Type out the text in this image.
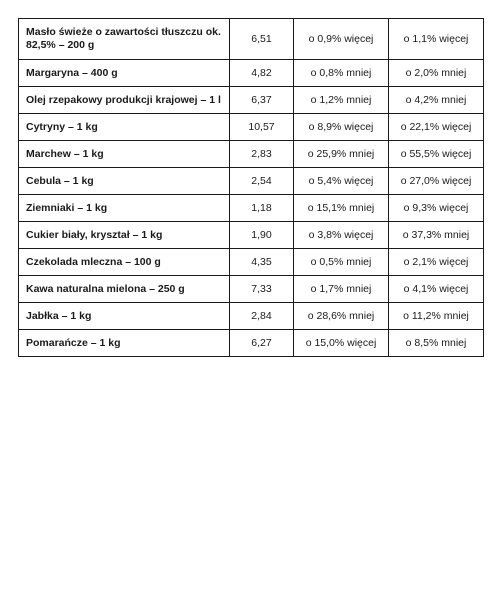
Masło świeże o zawartości tłuszczu ok. 82,5% – 200 g	6,51	o 0,9% więcej	o 1,1% więcej
Margaryna – 400 g	4,82	o 0,8% mniej	o 2,0% mniej
Olej rzepakowy produkcji krajowej – 1 l	6,37	o 1,2% mniej	o 4,2% mniej
Cytryny – 1 kg	10,57	o 8,9% więcej	o 22,1% więcej
Marchew – 1 kg	2,83	o 25,9% mniej	o 55,5% więcej
Cebula – 1 kg	2,54	o 5,4% więcej	o 27,0% więcej
Ziemniaki – 1 kg	1,18	o 15,1% mniej	o 9,3% więcej
Cukier biały, kryształ – 1 kg	1,90	o 3,8% więcej	o 37,3% mniej
Czekolada mleczna – 100 g	4,35	o 0,5% mniej	o 2,1% więcej
Kawa naturalna mielona – 250 g	7,33	o 1,7% mniej	o 4,1% więcej
Jabłka – 1 kg	2,84	o 28,6% mniej	o 11,2% mniej
Pomarańcze – 1 kg	6,27	o 15,0% więcej	o 8,5% mniej
